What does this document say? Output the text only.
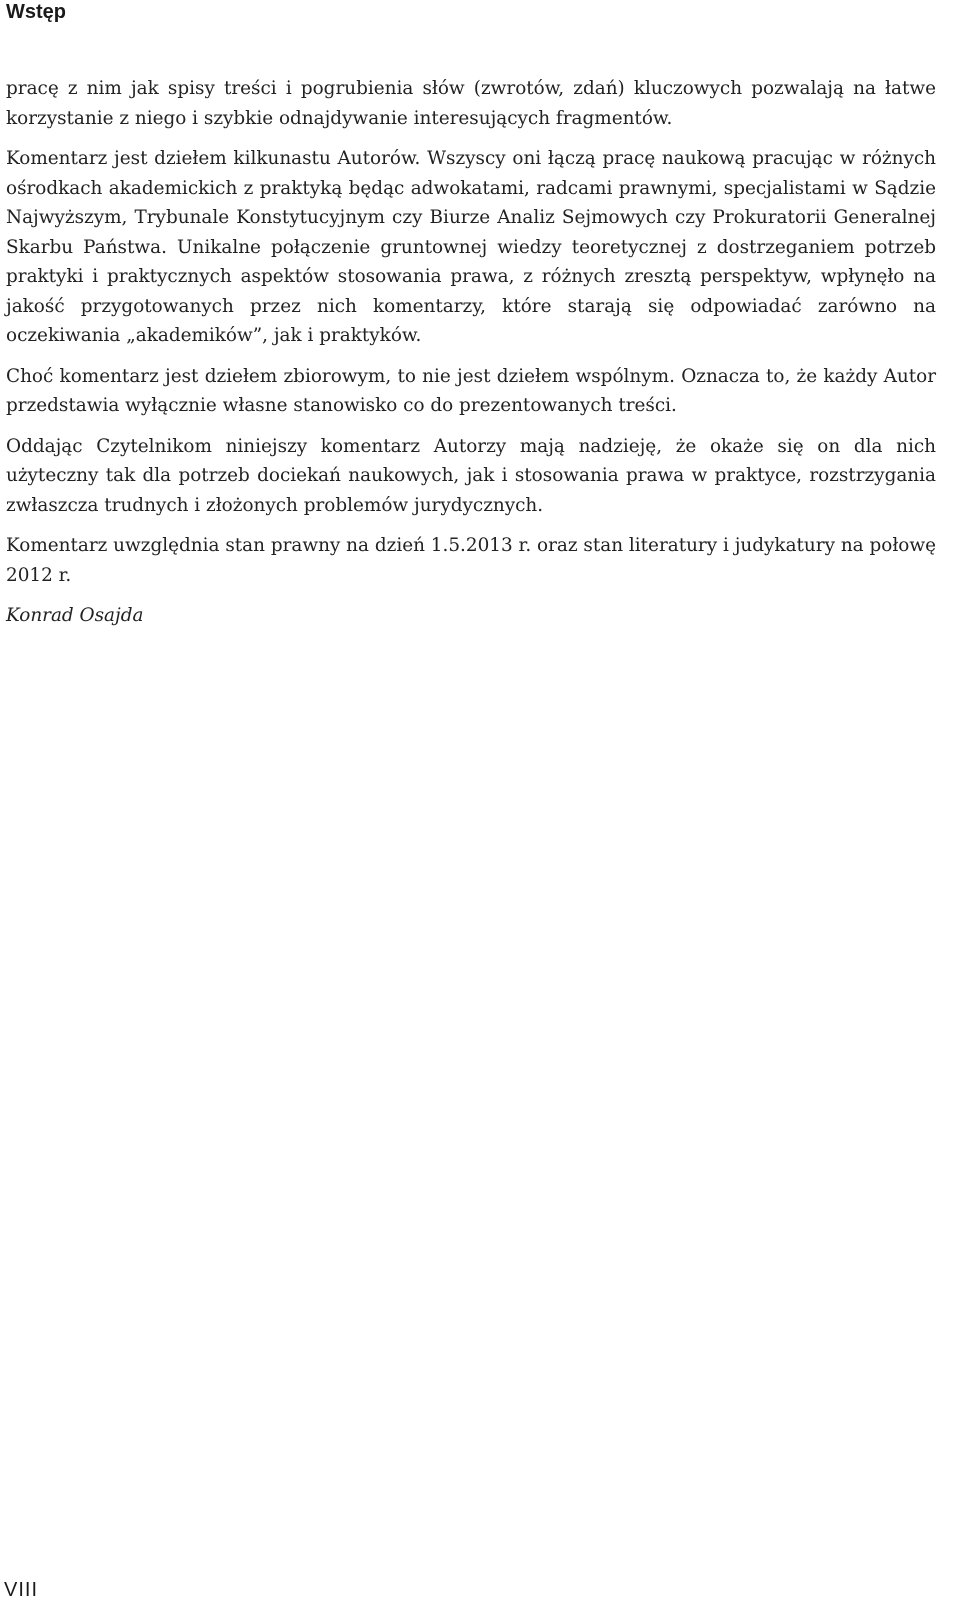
Wstęp

pracę z nim jak spisy treści i pogrubienia słów (zwrotów, zdań) kluczowych pozwalają na łatwe korzystanie z niego i szybkie odnajdywanie interesujących fragmentów.

Komentarz jest dziełem kilkunastu Autorów. Wszyscy oni łączą pracę naukową pracując w różnych ośrodkach akademickich z praktyką będąc adwokatami, radcami prawnymi, specjalistami w Sądzie Najwyższym, Trybunale Konstytucyjnym czy Biurze Analiz Sejmowych czy Prokuratorii Generalnej Skarbu Państwa. Unikalne połączenie gruntownej wiedzy teoretycznej z dostrzeganiem potrzeb praktyki i praktycznych aspektów stosowania prawa, z różnych zresztą perspektyw, wpłynęło na jakość przygotowanych przez nich komentarzy, które starają się odpowiadać zarówno na oczekiwania „akademików”, jak i praktyków.

Choć komentarz jest dziełem zbiorowym, to nie jest dziełem wspólnym. Oznacza to, że każdy Autor przedstawia wyłącznie własne stanowisko co do prezentowanych treści.

Oddając Czytelnikom niniejszy komentarz Autorzy mają nadzieję, że okaże się on dla nich użyteczny tak dla potrzeb dociekań naukowych, jak i stosowania prawa w praktyce, rozstrzygania zwłaszcza trudnych i złożonych problemów jurydycznych.

Komentarz uwzględnia stan prawny na dzień 1.5.2013 r. oraz stan literatury i judykatury na połowę 2012 r.

Konrad Osajda

VIII
